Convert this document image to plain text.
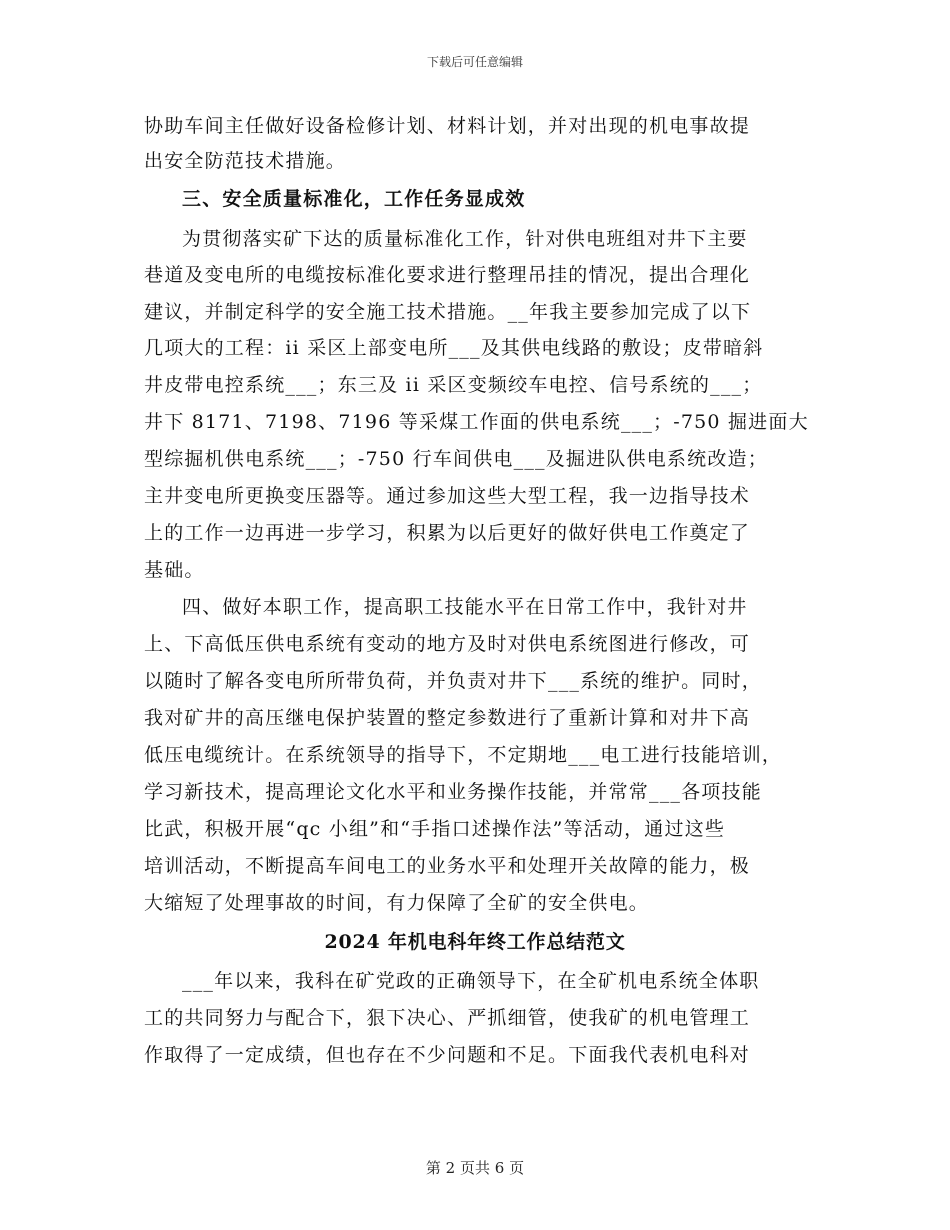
下载后可任意编辑
协助车间主任做好设备检修计划、材料计划，并对出现的机电事故提
出安全防范技术措施。
三、安全质量标准化，工作任务显成效
为贯彻落实矿下达的质量标准化工作，针对供电班组对井下主要
巷道及变电所的电缆按标准化要求进行整理吊挂的情况，提出合理化
建议，并制定科学的安全施工技术措施。__年我主要参加完成了以下
几项大的工程：ii 采区上部变电所___及其供电线路的敷设；皮带暗斜
井皮带电控系统___；东三及 ii 采区变频绞车电控、信号系统的___；
井下 8171、7198、7196 等采煤工作面的供电系统___；-750 掘进面大
型综掘机供电系统___；-750 行车间供电___及掘进队供电系统改造；
主井变电所更换变压器等。通过参加这些大型工程，我一边指导技术
上的工作一边再进一步学习，积累为以后更好的做好供电工作奠定了
基础。
四、做好本职工作，提高职工技能水平在日常工作中，我针对井
上、下高低压供电系统有变动的地方及时对供电系统图进行修改，可
以随时了解各变电所所带负荷，并负责对井下___系统的维护。同时，
我对矿井的高压继电保护装置的整定参数进行了重新计算和对井下高
低压电缆统计。在系统领导的指导下，不定期地___电工进行技能培训，
学习新技术，提高理论文化水平和业务操作技能，并常常___各项技能
比武，积极开展“qc 小组”和“手指口述操作法”等活动，通过这些
培训活动，不断提高车间电工的业务水平和处理开关故障的能力，极
大缩短了处理事故的时间，有力保障了全矿的安全供电。
2024 年机电科年终工作总结范文
___年以来，我科在矿党政的正确领导下，在全矿机电系统全体职
工的共同努力与配合下，狠下决心、严抓细管，使我矿的机电管理工
作取得了一定成绩，但也存在不少问题和不足。下面我代表机电科对
第 2 页共 6 页
